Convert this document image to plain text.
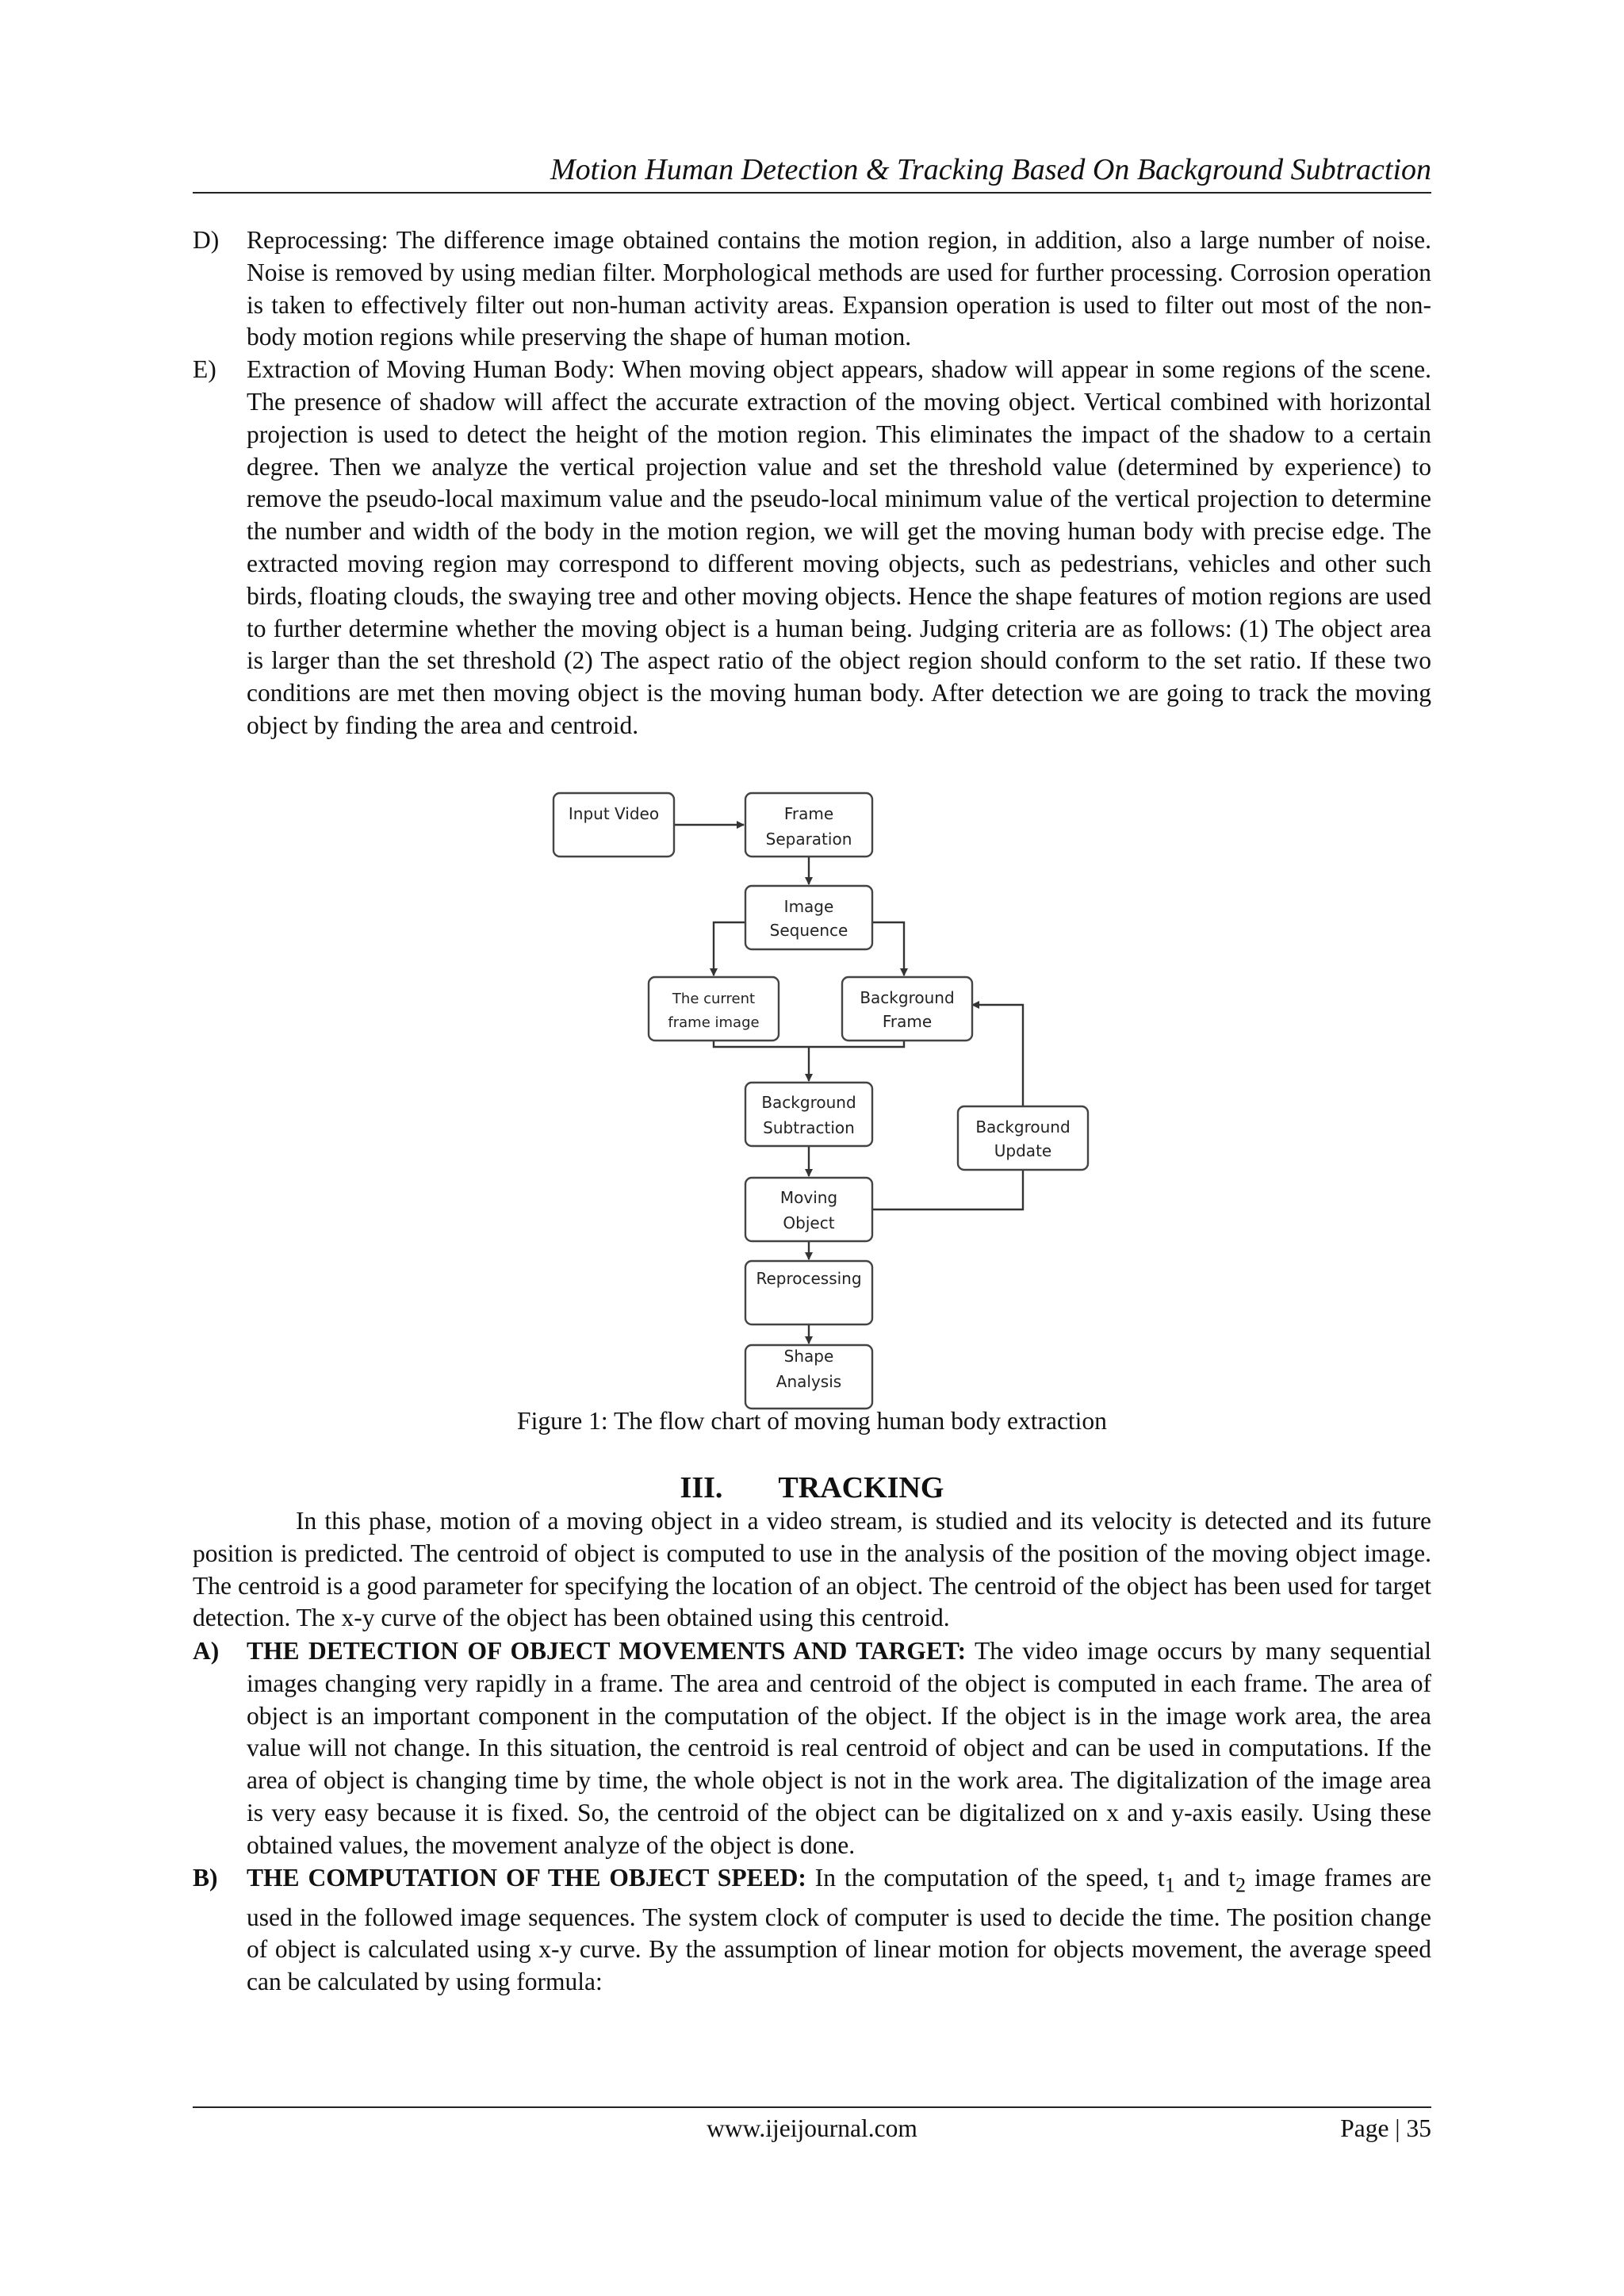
Motion Human Detection & Tracking Based On Background Subtraction
D) Reprocessing: The difference image obtained contains the motion region, in addition, also a large number of noise. Noise is removed by using median filter. Morphological methods are used for further processing. Corrosion operation is taken to effectively filter out non-human activity areas. Expansion operation is used to filter out most of the non-body motion regions while preserving the shape of human motion.
E) Extraction of Moving Human Body: When moving object appears, shadow will appear in some regions of the scene. The presence of shadow will affect the accurate extraction of the moving object. Vertical combined with horizontal projection is used to detect the height of the motion region. This eliminates the impact of the shadow to a certain degree. Then we analyze the vertical projection value and set the threshold value (determined by experience) to remove the pseudo-local maximum value and the pseudo-local minimum value of the vertical projection to determine the number and width of the body in the motion region, we will get the moving human body with precise edge. The extracted moving region may correspond to different moving objects, such as pedestrians, vehicles and other such birds, floating clouds, the swaying tree and other moving objects. Hence the shape features of motion regions are used to further determine whether the moving object is a human being. Judging criteria are as follows: (1) The object area is larger than the set threshold (2) The aspect ratio of the object region should conform to the set ratio. If these two conditions are met then moving object is the moving human body. After detection we are going to track the moving object by finding the area and centroid.
Input Video	Frame
Separation
Image
Sequence
The current
frame image
Background
Frame
Background
Subtraction	Background
Update
Moving
Object
Reprocessing
Shape
Analysis
Figure 1: The flow chart of moving human body extraction
III. TRACKING
In this phase, motion of a moving object in a video stream, is studied and its velocity is detected and its future position is predicted. The centroid of object is computed to use in the analysis of the position of the moving object image. The centroid is a good parameter for specifying the location of an object. The centroid of the object has been used for target detection. The x-y curve of the object has been obtained using this centroid.
A) THE DETECTION OF OBJECT MOVEMENTS AND TARGET: The video image occurs by many sequential images changing very rapidly in a frame. The area and centroid of the object is computed in each frame. The area of object is an important component in the computation of the object. If the object is in the image work area, the area value will not change. In this situation, the centroid is real centroid of object and can be used in computations. If the area of object is changing time by time, the whole object is not in the work area. The digitalization of the image area is very easy because it is fixed. So, the centroid of the object can be digitalized on x and y-axis easily. Using these obtained values, the movement analyze of the object is done.
B) THE COMPUTATION OF THE OBJECT SPEED: In the computation of the speed, $t_1$ and $t_2$ image frames are used in the followed image sequences. The system clock of computer is used to decide the time. The position change of object is calculated using x-y curve. By the assumption of linear motion for objects movement, the average speed can be calculated by using formula:
www.ijeijournal.com	Page | 35
